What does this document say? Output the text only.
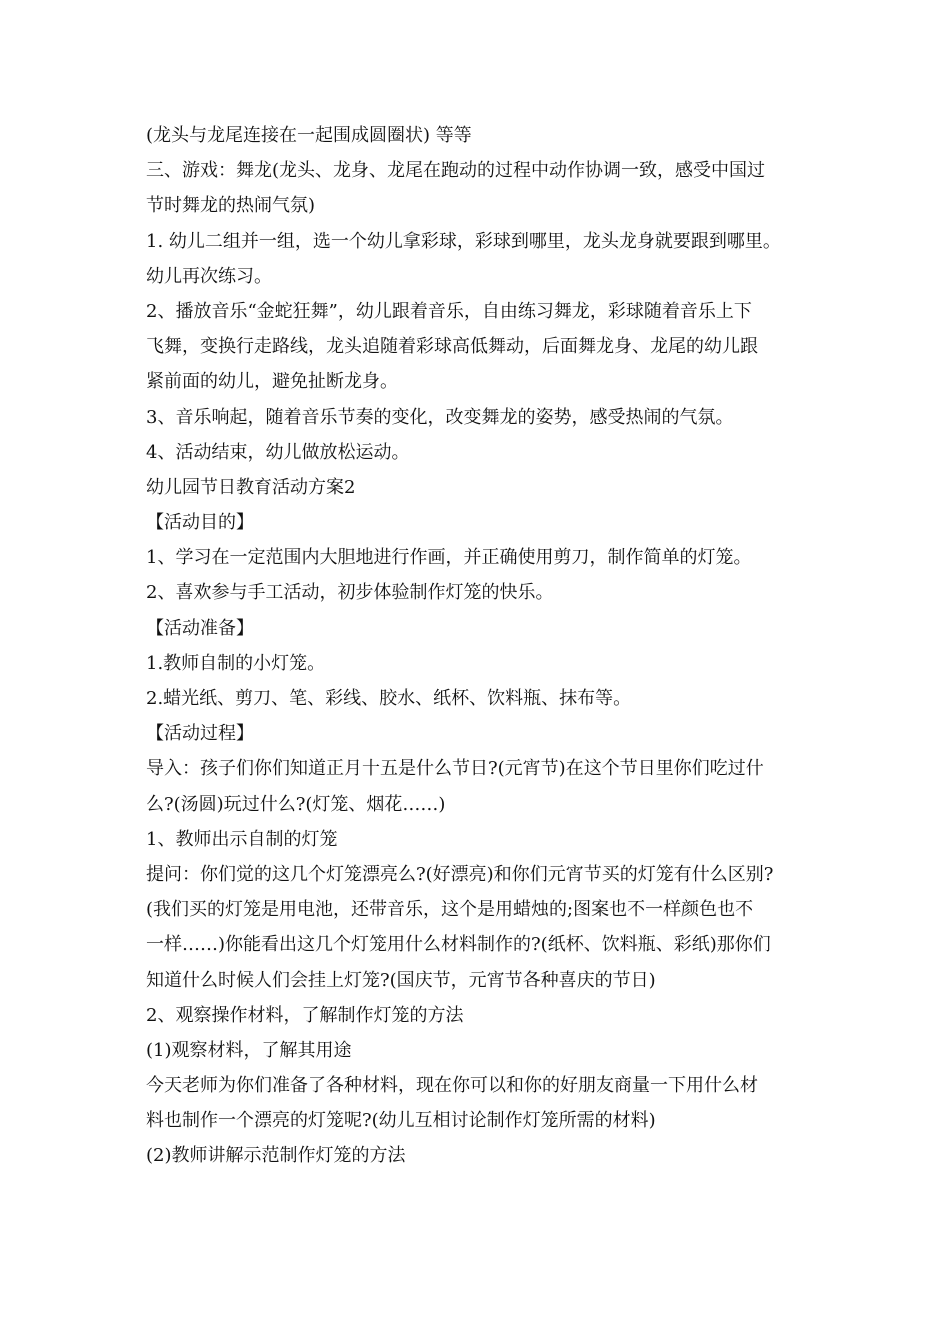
(龙头与龙尾连接在一起围成圆圈状) 等等
三、游戏：舞龙(龙头、龙身、龙尾在跑动的过程中动作协调一致，感受中国过
节时舞龙的热闹气氛)
1. 幼儿二组并一组，选一个幼儿拿彩球，彩球到哪里，龙头龙身就要跟到哪里。
幼儿再次练习。
2、播放音乐“金蛇狂舞”，幼儿跟着音乐，自由练习舞龙，彩球随着音乐上下
飞舞，变换行走路线，龙头追随着彩球高低舞动，后面舞龙身、龙尾的幼儿跟
紧前面的幼儿，避免扯断龙身。
3、音乐响起，随着音乐节奏的变化，改变舞龙的姿势，感受热闹的气氛。
4、活动结束，幼儿做放松运动。
幼儿园节日教育活动方案2
【活动目的】
1、学习在一定范围内大胆地进行作画，并正确使用剪刀，制作简单的灯笼。
2、喜欢参与手工活动，初步体验制作灯笼的快乐。
【活动准备】
1.教师自制的小灯笼。
2.蜡光纸、剪刀、笔、彩线、胶水、纸杯、饮料瓶、抹布等。
【活动过程】
导入：孩子们你们知道正月十五是什么节日?(元宵节)在这个节日里你们吃过什
么?(汤圆)玩过什么?(灯笼、烟花……)
1、教师出示自制的灯笼
提问：你们觉的这几个灯笼漂亮么?(好漂亮)和你们元宵节买的灯笼有什么区别?
(我们买的灯笼是用电池，还带音乐，这个是用蜡烛的;图案也不一样颜色也不
一样……)你能看出这几个灯笼用什么材料制作的?(纸杯、饮料瓶、彩纸)那你们
知道什么时候人们会挂上灯笼?(国庆节，元宵节各种喜庆的节日)
2、观察操作材料，了解制作灯笼的方法
(1)观察材料，了解其用途
今天老师为你们准备了各种材料，现在你可以和你的好朋友商量一下用什么材
料也制作一个漂亮的灯笼呢?(幼儿互相讨论制作灯笼所需的材料)
(2)教师讲解示范制作灯笼的方法
